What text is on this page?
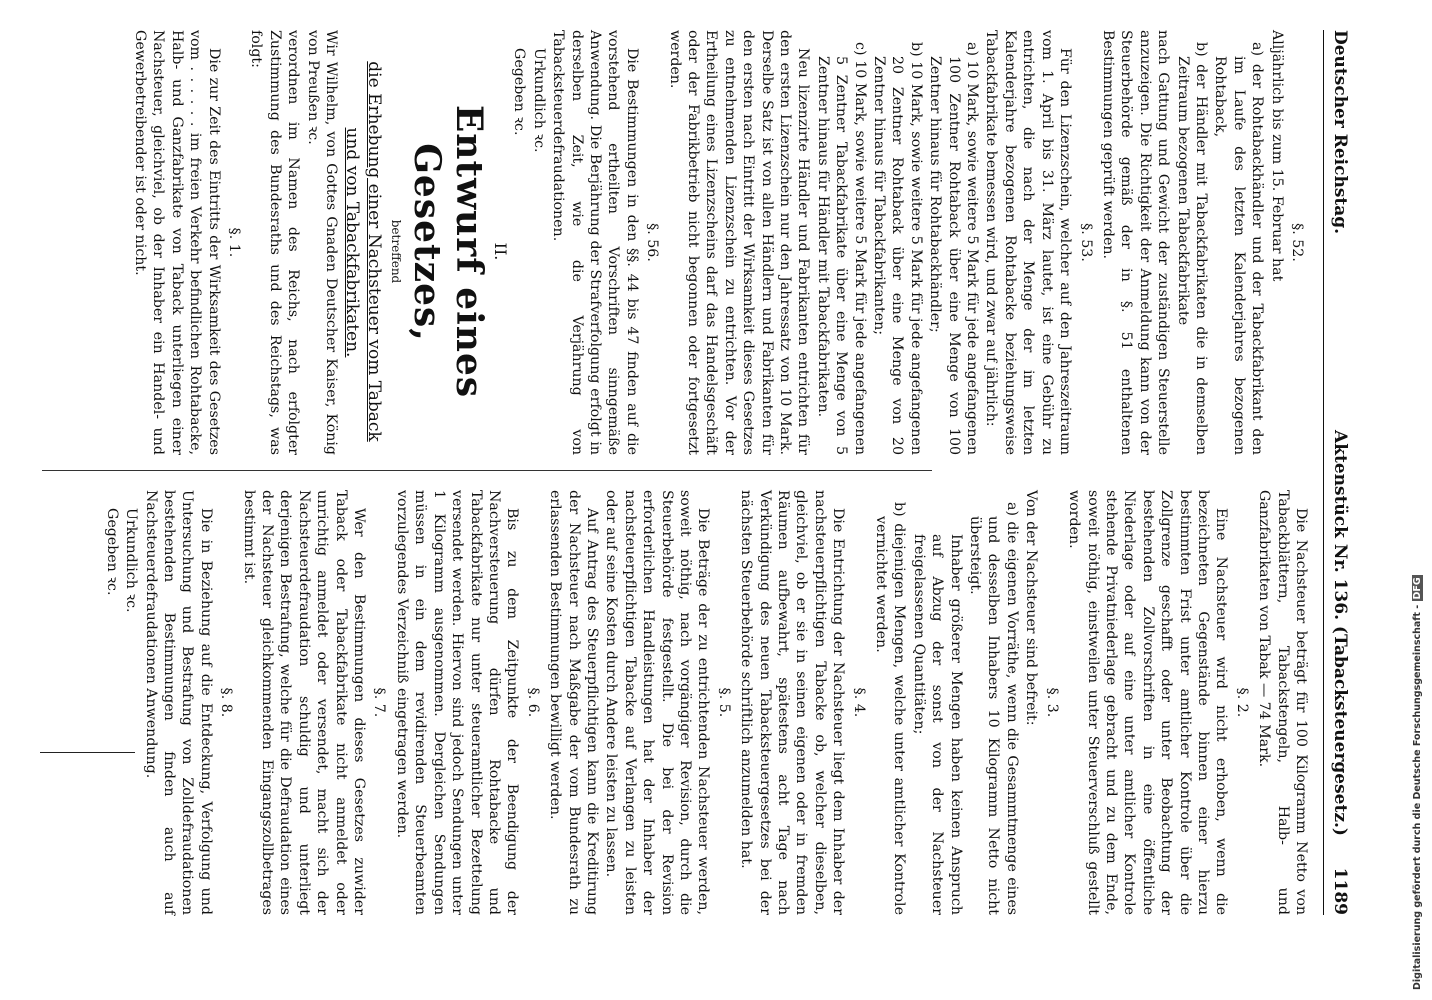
Deutscher Reichstag.
Aktenstück Nr. 136. (Tabacksteuergesetz.)
1189

§. 52.

Alljährlich bis zum 15. Februar hat

a) der Rohtabackhändler und der Tabackfabrikant den im Laufe des letzten Kalenderjahres bezogenen Rohtaback,

b) der Händler mit Tabackfabrikaten die in demselben Zeitraum bezogenen Tabackfabrikate

nach Gattung und Gewicht der zuständigen Steuerstelle anzuzeigen. Die Richtigkeit der Anmeldung kann von der Steuerbehörde gemäß der in §. 51 enthaltenen Bestimmungen geprüft werden.

§. 53.

Für den Lizenzschein, welcher auf den Jahreszeitraum vom 1. April bis 31. März lautet, ist eine Gebühr zu entrichten, die nach der Menge der im letzten Kalenderjahre bezogenen Rohtabacke beziehungsweise Tabackfabrikate bemessen wird, und zwar auf jährlich:

a) 10 Mark, sowie weitere 5 Mark für jede angefangenen 100 Zentner Rohtaback über eine Menge von 100 Zentner hinaus für Rohtabackhändler;

b) 10 Mark, sowie weitere 5 Mark für jede angefangenen 20 Zentner Rohtaback über eine Menge von 20 Zentner hinaus für Tabackfabrikanten;

c) 10 Mark, sowie weitere 5 Mark für jede angefangenen 5 Zentner Tabackfabrikate über eine Menge von 5 Zentner hinaus für Händler mit Tabackfabrikaten.

Neu lizenzirte Händler und Fabrikanten entrichten für den ersten Lizenzschein nur den Jahressatz von 10 Mark. Derselbe Satz ist von allen Händlern und Fabrikanten für den ersten nach Eintritt der Wirksamkeit dieses Gesetzes zu entnehmenden Lizenzschein zu entrichten. Vor der Ertheilung eines Lizenzscheins darf das Handelsgeschäft oder der Fabrikbetrieb nicht begonnen oder fortgesetzt werden.

§. 56.

Die Bestimmungen in den §§. 44 bis 47 finden auf die vorstehend ertheilten Vorschriften sinngemäße Anwendung. Die Berjährung der Strafverfolgung erfolgt in derselben Zeit, wie die Verjährung von Tabacksteuerdefraudationen.

Urkundlich ꝛc.

Gegeben ꝛc.

II.

Entwurf eines Gesetzes,

betreffend

die Erhebung einer Nachsteuer vom Taback und von Tabackfabrikaten.

Wir Wilhelm, von Gottes Gnaden Deutscher Kaiser, König von Preußen ꝛc.

verordnen im Namen des Reichs, nach erfolgter Zustimmung des Bundesraths und des Reichstags, was folgt:

§. 1.

Die zur Zeit des Eintritts der Wirksamkeit des Gesetzes vom . . . . . . im freien Verkehr befindlichen Rohtabacke, Halb- und Ganzfabrikate von Taback unterliegen einer Nachsteuer, gleichviel, ob der Inhaber ein Handel- und Gewerbetreibender ist oder nicht.

Die Nachsteuer beträgt für 100 Kilogramm Netto von Tabackblättern, Tabackstengeln, Halb- und Ganzfabrikaten von Tabak — 74 Mark.

§. 2.

Eine Nachsteuer wird nicht erhoben, wenn die bezeichneten Gegenstände binnen einer hierzu bestimmten Frist unter amtlicher Kontrole über die Zollgrenze geschafft oder unter Beobachtung der bestehenden Zollvorschriften in eine öffentliche Niederlage oder auf eine unter amtlicher Kontrole stehende Privatniederlage gebracht und zu dem Ende, soweit nöthig, einstweilen unter Steuerverschluß gestellt worden.

§. 3.

Von der Nachsteuer sind befreit:

a) die eigenen Vorräthe, wenn die Gesammtmenge eines und desselben Inhabers 10 Kilogramm Netto nicht übersteigt.

Inhaber größerer Mengen haben keinen Anspruch auf Abzug der sonst von der Nachsteuer freigelassenen Quantitäten;

b) diejenigen Mengen, welche unter amtlicher Kontrole vernichtet werden.

§. 4.

Die Entrichtung der Nachsteuer liegt dem Inhaber der nachsteuerpflichtigen Tabacke ob, welcher dieselben, gleichviel, ob er sie in seinen eigenen oder in fremden Räumen aufbewahrt, spätestens acht Tage nach Verkündigung des neuen Tabacksteuergesetzes bei der nächsten Steuerbehörde schriftlich anzumelden hat.

§. 5.

Die Beträge der zu entrichtenden Nachsteuer werden, soweit nöthig, nach vorgängiger Revision, durch die Steuerbehörde festgestellt. Die bei der Revision erforderlichen Handleistungen hat der Inhaber der nachsteuerpflichtigen Tabacke auf Verlangen zu leisten oder auf seine Kosten durch Andere leisten zu lassen.

Auf Antrag des Steuerpflichtigen kann die Kreditirung der Nachsteuer nach Maßgabe der vom Bundesrath zu erlassenden Bestimmungen bewilligt werden.

§. 6.

Bis zu dem Zeitpunkte der Beendigung der Nachversteuerung dürfen Rohtabacke und Tabackfabrikate nur unter steueramtlicher Bezettelung versendet werden. Hiervon sind jedoch Sendungen unter 1 Kilogramm ausgenommen. Dergleichen Sendungen müssen in ein dem revidirenden Steuerbeamten vorzulegendes Verzeichniß eingetragen werden.

§. 7.

Wer den Bestimmungen dieses Gesetzes zuwider Taback oder Tabackfabrikate nicht anmeldet oder unrichtig anmeldet oder versendet, macht sich der Nachsteuerdefraudation schuldig und unterliegt derjenigen Bestrafung, welche für die Defraudation eines der Nachsteuer gleichkommenden Eingangszollbetrages bestimmt ist.

§. 8.

Die in Beziehung auf die Entdeckung, Verfolgung und Untersuchung und Bestrafung von Zolldefraudationen bestehenden Bestimmungen finden auch auf Nachsteuerdefraudationen Anwendung.

Urkundlich ꝛc.

Gegeben ꝛc.

Digitalisierung gefördert durch die Deutsche Forschungsgemeinschaft - DFG
